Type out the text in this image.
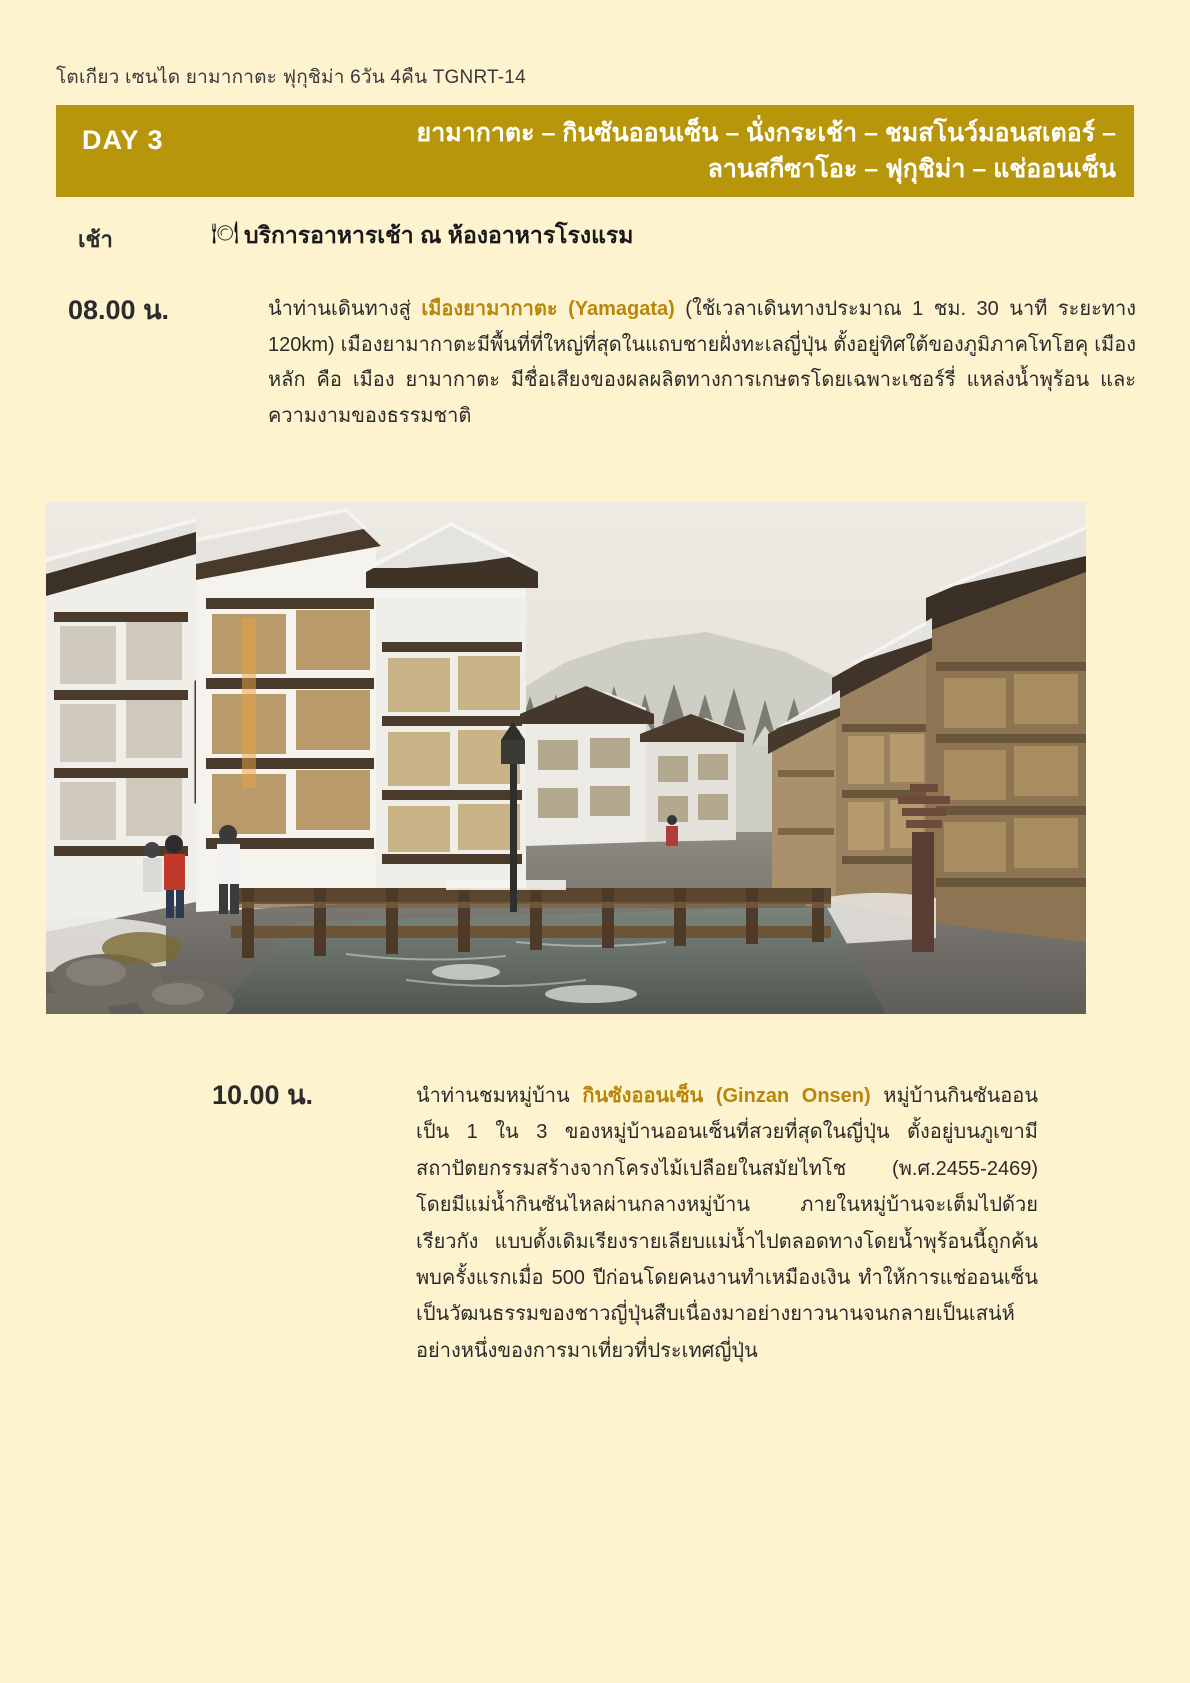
โตเกียว เซนได ยามากาตะ ฟุกุชิม่า 6วัน 4คืน TGNRT-14
DAY 3	ยามากาตะ – กินซันออนเซ็น – นั่งกระเช้า – ชมสโนว์มอนสเตอร์ –
ลานสกีซาโอะ – ฟุกุชิม่า – แช่ออนเซ็น
เช้า	🍽 บริการอาหารเช้า ณ ห้องอาหารโรงแรม
08.00 น.	นำท่านเดินทางสู่ เมืองยามากาตะ (Yamagata) (ใช้เวลาเดินทางประมาณ 1 ชม. 30 นาที ระยะทาง 120km) เมืองยามากาตะมีพื้นที่ที่ใหญ่ที่สุดในแถบชายฝั่งทะเลญี่ปุ่น ตั้งอยู่ทิศใต้ของภูมิภาคโทโฮคุ เมืองหลัก คือ เมือง ยามากาตะ มีชื่อเสียงของผลผลิตทางการเกษตรโดยเฉพาะเชอร์รี่ แหล่งน้ำพุร้อน และความงามของธรรมชาติ
10.00 น.	นำท่านชมหมู่บ้าน กินซังออนเซ็น (Ginzan Onsen) หมู่บ้านกินซันออน เป็น 1 ใน 3 ของหมู่บ้านออนเซ็นที่สวยที่สุดในญี่ปุ่น ตั้งอยู่บนภูเขามีสถาปัตยกรรมสร้างจากโครงไม้เปลือยในสมัยไทโช (พ.ศ.2455-2469) โดยมีแม่น้ำกินซันไหลผ่านกลางหมู่บ้าน ภายในหมู่บ้านจะเต็มไปด้วย เรียวกัง แบบดั้งเดิมเรียงรายเลียบแม่น้ำไปตลอดทางโดยน้ำพุร้อนนี้ถูกค้นพบครั้งแรกเมื่อ 500 ปีก่อนโดยคนงานทำเหมืองเงิน ทำให้การแช่ออนเซ็นเป็นวัฒนธรรมของชาวญี่ปุ่นสืบเนื่องมาอย่างยาวนานจนกลายเป็นเสน่ห์อย่างหนึ่งของการมาเที่ยวที่ประเทศญี่ปุ่น
